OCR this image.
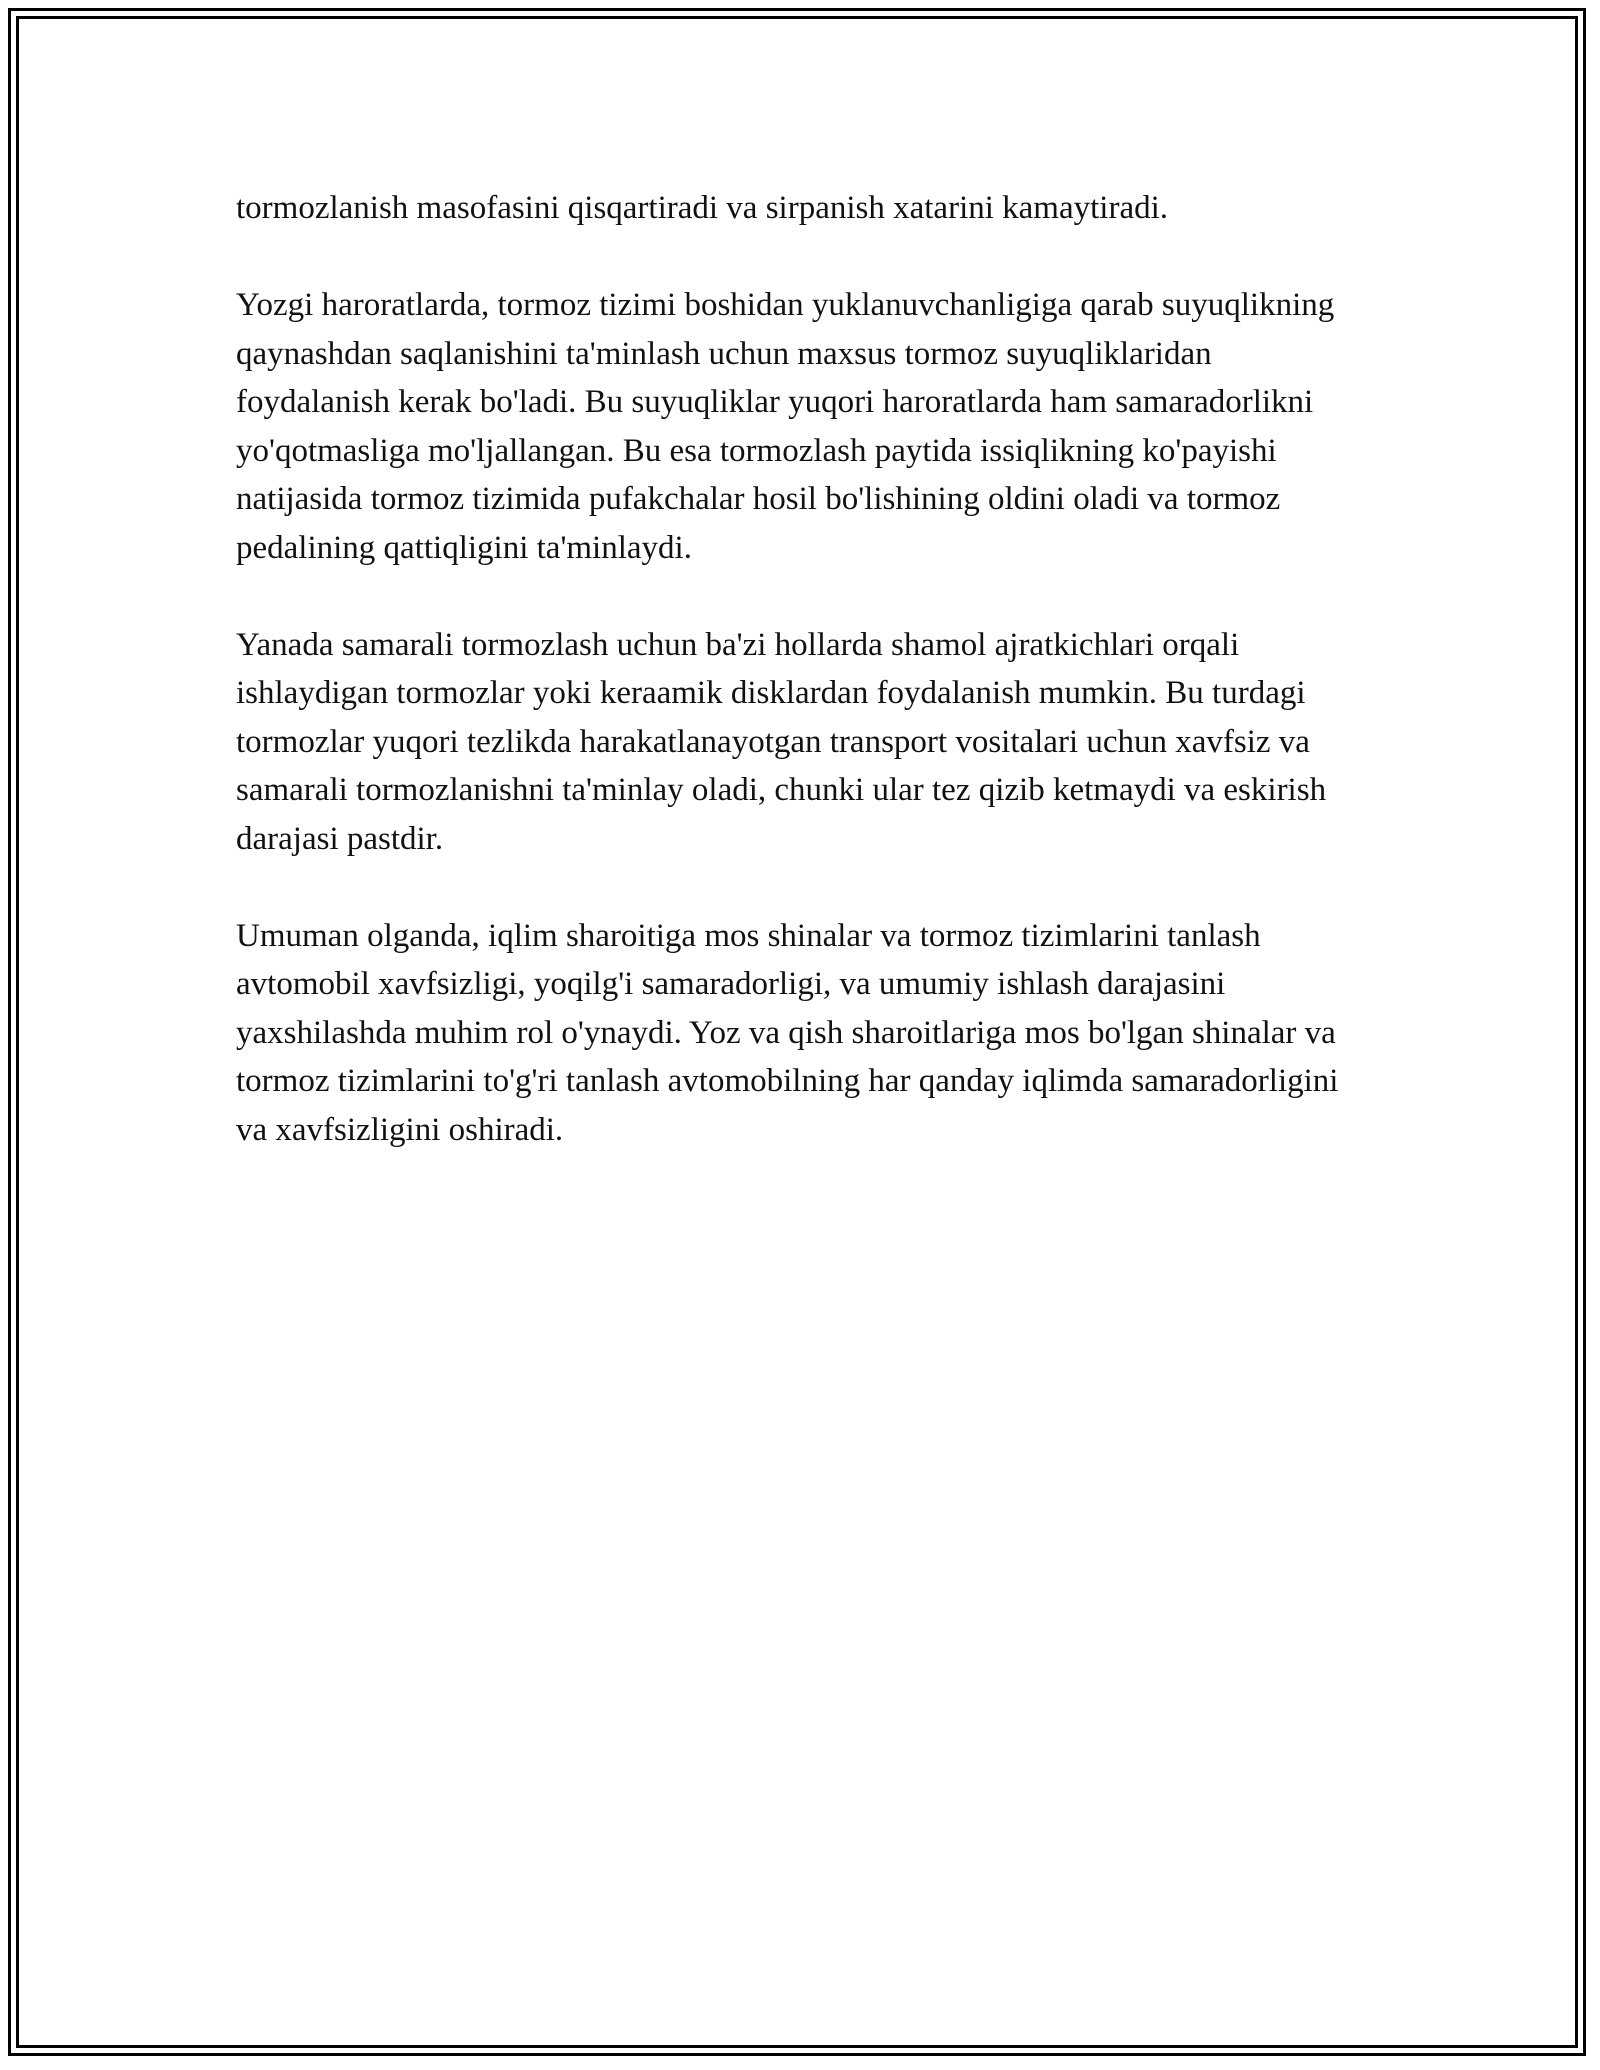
tormozlanish masofasini qisqartiradi va sirpanish xatarini kamaytiradi.

Yozgi haroratlarda, tormoz tizimi boshidan yuklanuvchanligiga qarab suyuqlikning qaynashdan saqlanishini ta'minlash uchun maxsus tormoz suyuqliklaridan foydalanish kerak bo'ladi. Bu suyuqliklar yuqori haroratlarda ham samaradorlikni yo'qotmasliga mo'ljallangan. Bu esa tormozlash paytida issiqlikning ko'payishi natijasida tormoz tizimida pufakchalar hosil bo'lishining oldini oladi va tormoz pedalining qattiqligini ta'minlaydi.

Yanada samarali tormozlash uchun ba'zi hollarda shamol ajratkichlari orqali ishlaydigan tormozlar yoki keraamik disklardan foydalanish mumkin. Bu turdagi tormozlar yuqori tezlikda harakatlanayotgan transport vositalari uchun xavfsiz va samarali tormozlanishni ta'minlay oladi, chunki ular tez qizib ketmaydi va eskirish darajasi pastdir.

Umuman olganda, iqlim sharoitiga mos shinalar va tormoz tizimlarini tanlash avtomobil xavfsizligi, yoqilg'i samaradorligi, va umumiy ishlash darajasini yaxshilashda muhim rol o'ynaydi. Yoz va qish sharoitlariga mos bo'lgan shinalar va tormoz tizimlarini to'g'ri tanlash avtomobilning har qanday iqlimda samaradorligini va xavfsizligini oshiradi.
